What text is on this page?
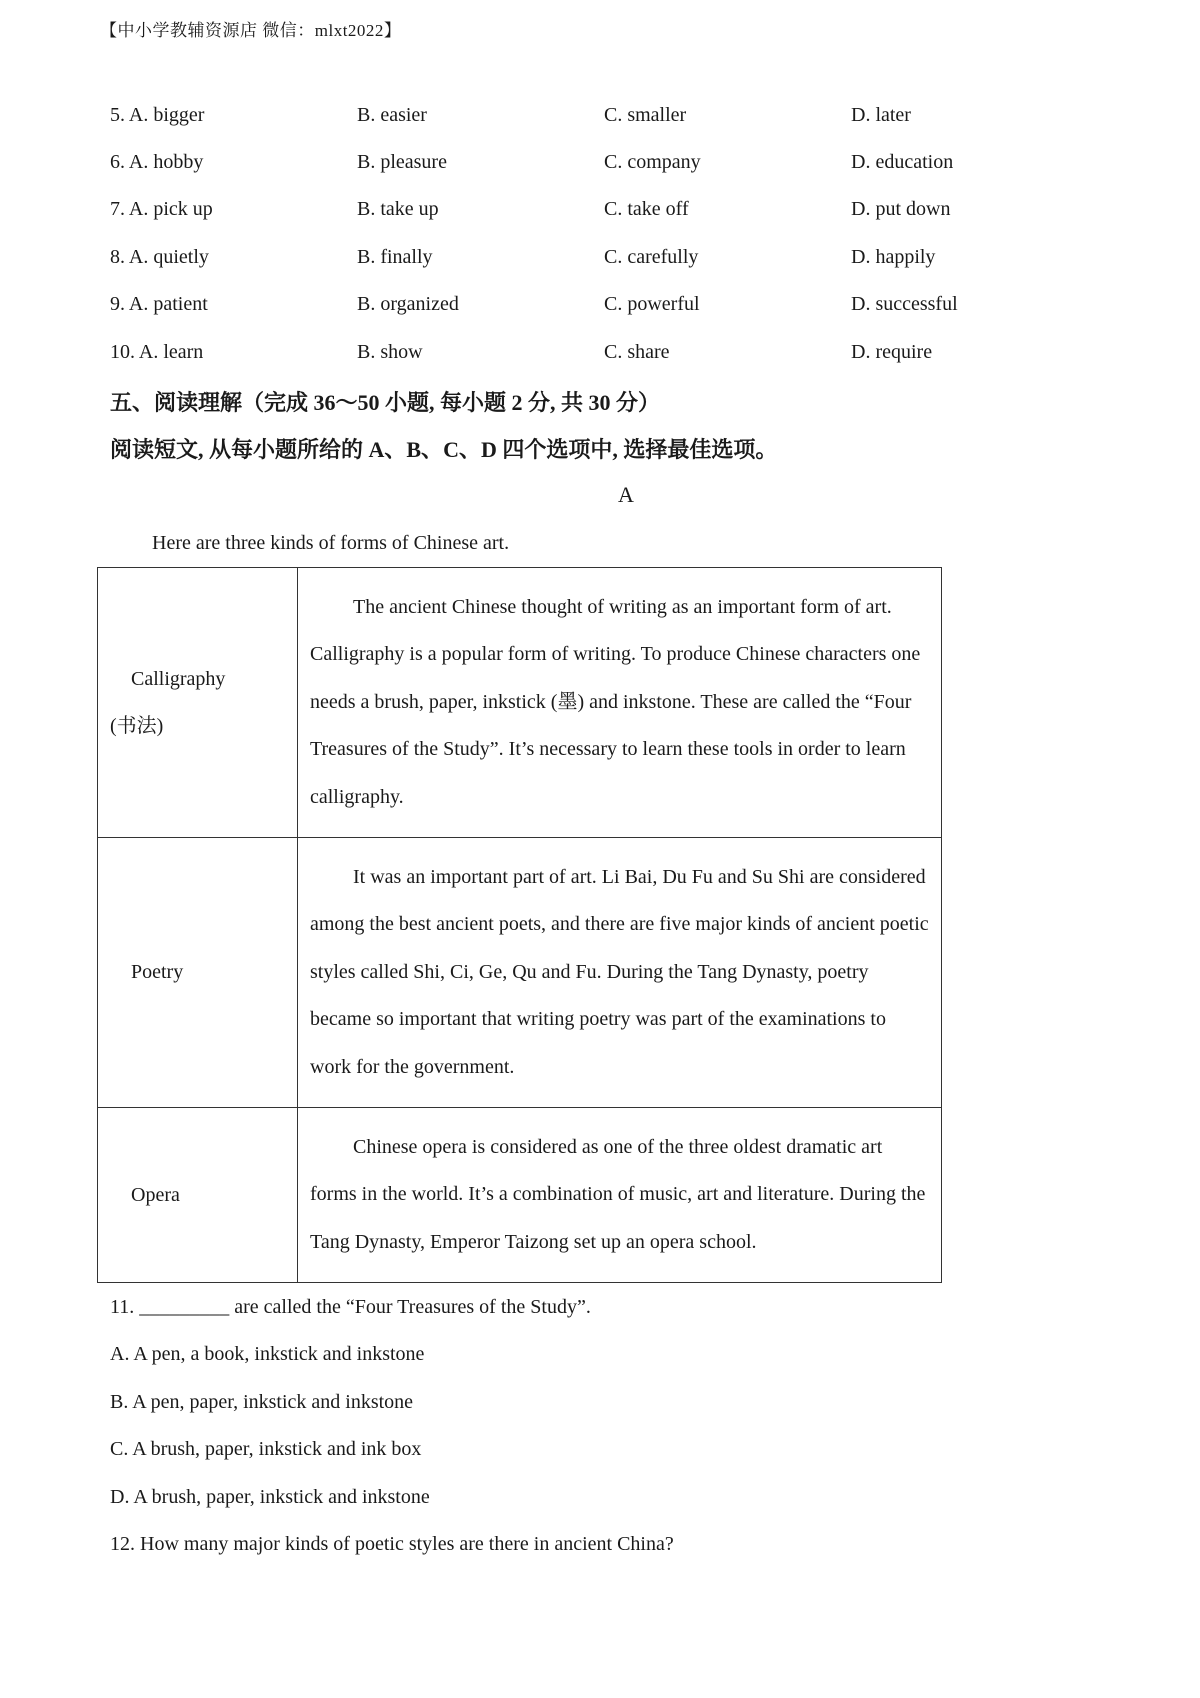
【中小学教辅资源店 微信：mlxt2022】
5. A. bigger	B. easier	C. smaller	D. later
6. A. hobby	B. pleasure	C. company	D. education
7. A. pick up	B. take up	C. take off	D. put down
8. A. quietly	B. finally	C. carefully	D. happily
9. A. patient	B. organized	C. powerful	D. successful
10. A. learn	B. show	C. share	D. require
五、阅读理解（完成 36～50 小题, 每小题 2 分, 共 30 分）
阅读短文, 从每小题所给的 A、B、C、D 四个选项中, 选择最佳选项。
A
Here are three kinds of forms of Chinese art.
Calligraphy
(书法)	The ancient Chinese thought of writing as an important form of art. Calligraphy is a popular form of writing. To produce Chinese characters one needs a brush, paper, inkstick (墨) and inkstone. These are called the “Four Treasures of the Study”. It’s necessary to learn these tools in order to learn calligraphy.
Poetry	It was an important part of art. Li Bai, Du Fu and Su Shi are considered among the best ancient poets, and there are five major kinds of ancient poetic styles called Shi, Ci, Ge, Qu and Fu. During the Tang Dynasty, poetry became so important that writing poetry was part of the examinations to work for the government.
Opera	Chinese opera is considered as one of the three oldest dramatic art forms in the world. It’s a combination of music, art and literature. During the Tang Dynasty, Emperor Taizong set up an opera school.
11. _________ are called the “Four Treasures of the Study”.
A. A pen, a book, inkstick and inkstone
B. A pen, paper, inkstick and inkstone
C. A brush, paper, inkstick and ink box
D. A brush, paper, inkstick and inkstone
12. How many major kinds of poetic styles are there in ancient China?
